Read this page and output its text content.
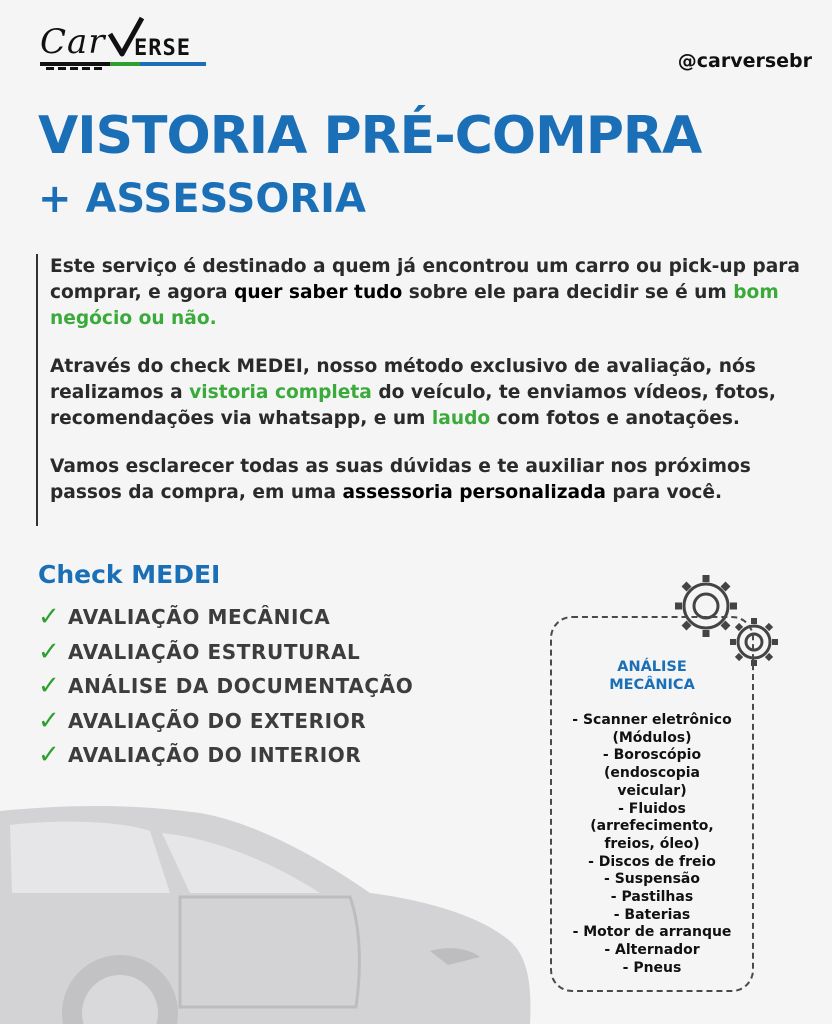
Car ERSE	@carversebr
VISTORIA PRÉ-COMPRA
+ ASSESSORIA

Este serviço é destinado a quem já encontrou um carro ou pick-up para comprar, e agora quer saber tudo sobre ele para decidir se é um bom negócio ou não.

Através do check MEDEI, nosso método exclusivo de avaliação, nós realizamos a vistoria completa do veículo, te enviamos vídeos, fotos, recomendações via whatsapp, e um laudo com fotos e anotações.

Vamos esclarecer todas as suas dúvidas e te auxiliar nos próximos passos da compra, em uma assessoria personalizada para você.

Check MEDEI
✓ AVALIAÇÃO MECÂNICA
✓ AVALIAÇÃO ESTRUTURAL
✓ ANÁLISE DA DOCUMENTAÇÃO
✓ AVALIAÇÃO DO EXTERIOR
✓ AVALIAÇÃO DO INTERIOR
ANÁLISE
MECÂNICA
- Scanner eletrônico
(Módulos)
- Boroscópio
(endoscopia
veicular)
- Fluidos
(arrefecimento,
freios, óleo)
- Discos de freio
- Suspensão
- Pastilhas
- Baterias
- Motor de arranque
- Alternador
- Pneus
